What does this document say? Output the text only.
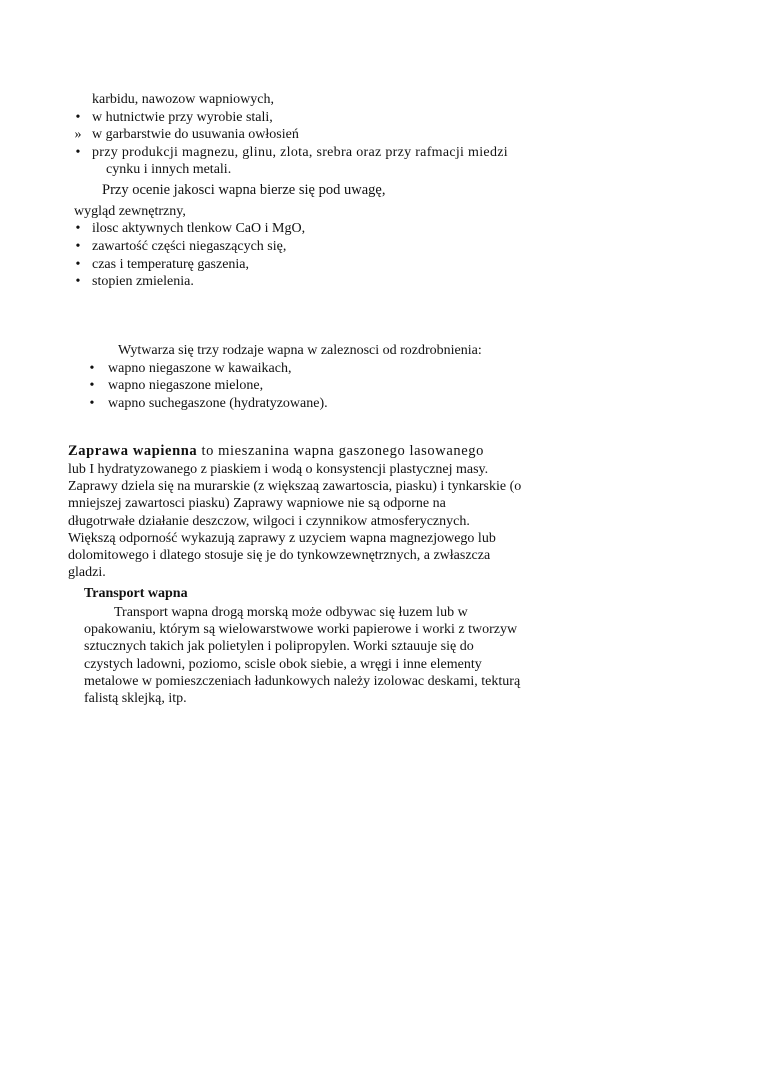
karbidu, nawozow wapniowych,
• w hutnictwie przy wyrobie stali,
» w garbarstwie do usuwania owłosień
• przy produkcji magnezu, glinu, zlota, srebra oraz przy rafmacji miedzi
cynku i innych metali.
Przy ocenie jakosci wapna bierze się pod uwagę,
wygląd zewnętrzny,
• ilosc aktywnych tlenkow CaO i MgO,
• zawartość części niegaszących się,
• czas i temperaturę gaszenia,
• stopien zmielenia.
Wytwarza się trzy rodzaje wapna w zaleznosci od rozdrobnienia:
• wapno niegaszone w kawaikach,
• wapno niegaszone mielone,
• wapno suchegaszone (hydratyzowane).
Zaprawa wapienna to mieszanina wapna gaszonego lasowanego
lub I hydratyzowanego z piaskiem i wodą o konsystencji plastycznej masy.
Zaprawy dziela się na murarskie (z większaą zawartoscia, piasku) i tynkarskie (o
mniejszej zawartosci piasku) Zaprawy wapniowe nie są odporne na
długotrwałe działanie deszczow, wilgoci i czynnikow atmosferycznych.
Większą odporność wykazują zaprawy z uzyciem wapna magnezjowego lub
dolomitowego i dlatego stosuje się je do tynkowzewnętrznych, a zwłaszcza
gladzi.
Transport wapna
Transport wapna drogą morską może odbywac się łuzem lub w
opakowaniu, którym są wielowarstwowe worki papierowe i worki z tworzyw
sztucznych takich jak polietylen i polipropylen. Worki sztauuje się do
czystych ladowni, poziomo, scisle obok siebie, a wręgi i inne elementy
metalowe w pomieszczeniach ładunkowych należy izolowac deskami, tekturą
falistą sklejką, itp.
